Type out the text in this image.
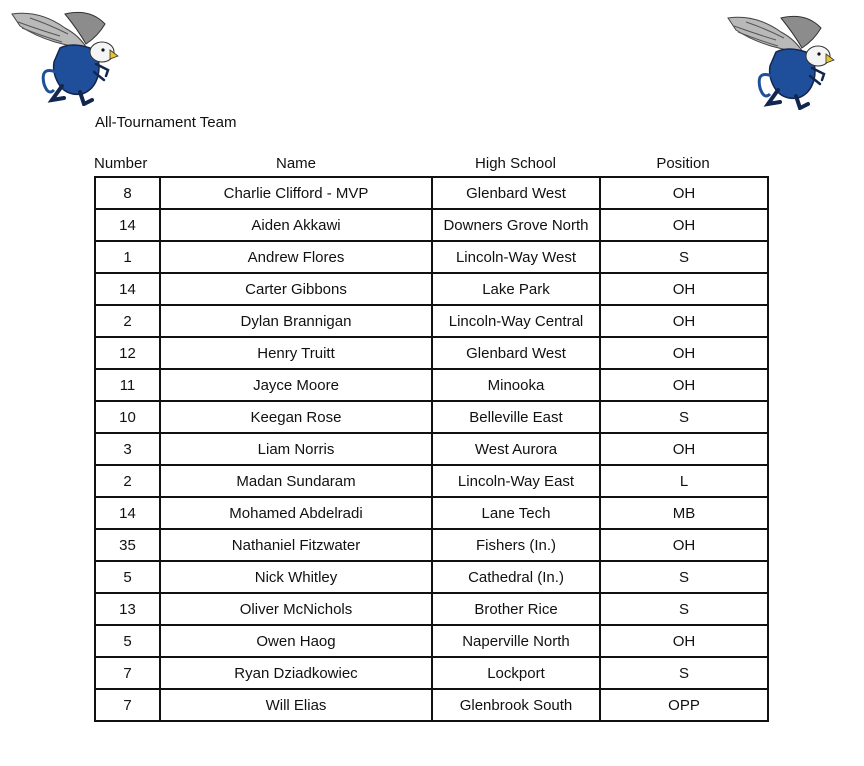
All-Tournament Team
Number	Name	High School	Position
8	Charlie Clifford - MVP	Glenbard West	OH
14	Aiden Akkawi	Downers Grove North	OH
1	Andrew Flores	Lincoln-Way West	S
14	Carter Gibbons	Lake Park	OH
2	Dylan Brannigan	Lincoln-Way Central	OH
12	Henry Truitt	Glenbard West	OH
11	Jayce Moore	Minooka	OH
10	Keegan Rose	Belleville East	S
3	Liam Norris	West Aurora	OH
2	Madan Sundaram	Lincoln-Way East	L
14	Mohamed Abdelradi	Lane Tech	MB
35	Nathaniel Fitzwater	Fishers (In.)	OH
5	Nick Whitley	Cathedral (In.)	S
13	Oliver McNichols	Brother Rice	S
5	Owen Haog	Naperville North	OH
7	Ryan Dziadkowiec	Lockport	S
7	Will Elias	Glenbrook South	OPP
